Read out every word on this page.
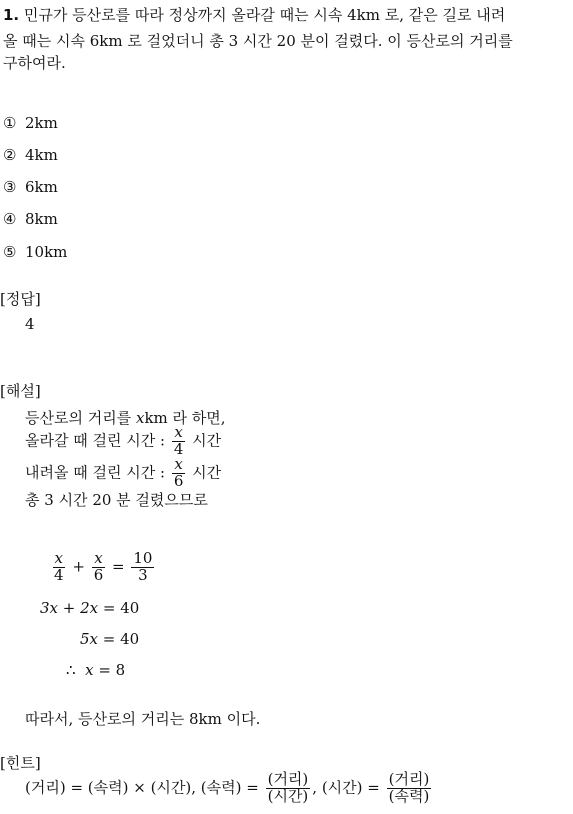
1. 민규가 등산로를 따라 정상까지 올라갈 때는 시속 4km 로, 같은 길로 내려
올 때는 시속 6km 로 걸었더니 총 3 시간 20 분이 걸렸다. 이 등산로의 거리를
구하여라.
① 2km
② 4km
③ 6km
④ 8km
⑤ 10km
[정답]
4
[해설]
등산로의 거리를 xkm 라 하면,
올라갈 때 걸린 시간 : $\frac{x}{4}$ 시간
내려올 때 걸린 시간 : $\frac{x}{6}$ 시간
총 3 시간 20 분 걸렸으므로
$\frac{x}{4} + \frac{x}{6} = \frac{10}{3}$
3x + 2x = 40
5x = 40
∴ x = 8
따라서, 등산로의 거리는 8km 이다.
[힌트]
(거리) = (속력) × (시간), (속력) = $\frac{\text{(거리)}}{\text{(시간)}}$ , (시간) = $\frac{\text{(거리)}}{\text{(속력)}}$
